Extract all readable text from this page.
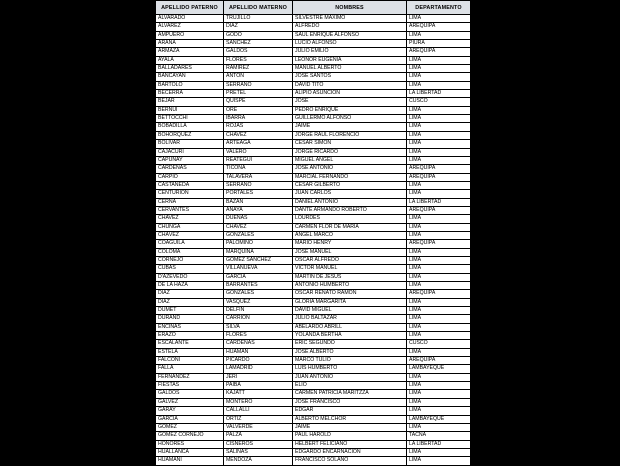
APELLIDO PATERNO	APELLIDO MATERNO	NOMBRES	DEPARTAMENTO
ALVARADO	TRUJILLO	SILVESTRE MAXIMO	LIMA
ALVAREZ	DIAZ	ALFREDO	AREQUIPA
AMPUERO	GODO	SAUL ENRIQUE ALFONSO	LIMA
ARANA	SANCHEZ	LUCIO ALFONSO	PIURA
ARMAZA	GALDOS	JULIO EMILIO	AREQUIPA
AYALA	FLORES	LEONOR EUGENIA	LIMA
BALLADARES	RAMIREZ	MANUEL ALBERTO	LIMA
BANCAYAN	ANTON	JOSE SANTOS	LIMA
BARTOLO	SERRANO	DAVID TITO	LIMA
BECERRA	PRETEL	ALIPIO ASUNCION	LA LIBERTAD
BEJAR	QUISPE	JOSE	CUSCO
BERNUI	ORE	PEDRO ENRIQUE	LIMA
BETTOCCHI	IBARRA	GUILLERMO ALFONSO	LIMA
BOBADILLA	ROJAS	JAIME	LIMA
BOHORQUEZ	CHAVEZ	JORGE RAUL FLORENCIO	LIMA
BOLIVAR	ARTEAGA	CESAR SIMON	LIMA
CAJACURI	VALERO	JORGE RICARDO	LIMA
CAPUÑAY	REATEGUI	MIGUEL ANGEL	LIMA
CARDENAS	TICONA	JOSE ANTONIO	AREQUIPA
CARPIO	TALAVERA	MARCIAL FERNANDO	AREQUIPA
CASTAÑEDA	SERRANO	CESAR GILBERTO	LIMA
CENTURION	PORTALES	JUAN CARLOS	LIMA
CERNA	BAZAN	DANIEL ANTONIO	LA LIBERTAD
CERVANTES	ANAYA	DANTE ARMANDO ROBERTO	AREQUIPA
CHAVEZ	DUEÑAS	LOURDES	LIMA
CHUNGA	CHAVEZ	CARMEN FLOR DE MARIA	LIMA
CHÁVEZ	GONZALES	ANGEL MARCO	LIMA
COAGUILA	PALOMINO	MARIO HENRY	AREQUIPA
COLOMA	MARQUINA	JOSE MANUEL	LIMA
CORNEJO	GOMEZ SANCHEZ	OSCAR ALFREDO	LIMA
CUBAS	VILLANUEVA	VICTOR MANUEL	LIMA
D'AZEVEDO	GARCIA	MARTIN DE JESUS	LIMA
DE LA HAZA	BARRANTES	ANTONIO HUMBERTO	LIMA
DIAZ	GONZALES	OSCAR RENATO RAMON	AREQUIPA
DIAZ	VASQUEZ	GLORIA MARGARITA	LIMA
DUMET	DELFIN	DAVID MIGUEL	LIMA
DURAND	CARRION	JULIO BALTAZAR	LIMA
ENCINAS	SILVA	ABELARDO ABRILL	LIMA
ERAZO	FLORES	YOLANDA BERTHA	LIMA
ESCALANTE	CARDENAS	ERIC SEGUNDO	CUSCO
ESTELA	HUAMAN	JOSE ALBERTO	LIMA
FALCONI	PICARDO	MARCO TULIO	AREQUIPA
FALLA	LAMADRID	LUIS HUMBERTO	LAMBAYEQUE
FERNANDEZ	JERI	JUAN ANTONIO	LIMA
FIESTAS	PAIBA	ELIO	LIMA
GALDOS	KAJATT	CARMEN PATRICIA MARITZZA	LIMA
GALVEZ	MONTERO	JOSE FRANCISCO	LIMA
GARAY	CALLALLI	EDGAR	LIMA
GARCIA	ORTIZ	ALBERTO MELCHOR	LAMBAYEQUE
GOMEZ	VALVERDE	JAIME	LIMA
GOMEZ CORNEJO	PALZA	PAUL HAROLD	TACNA
HONORES	CISNEROS	HELBERT FELICIANO	LA LIBERTAD
HUALLANCA	SALINAS	EDGARDO ENCARNACION	LIMA
HUAMANI	MENDOZA	FRANCISCO SOLANO	LIMA
